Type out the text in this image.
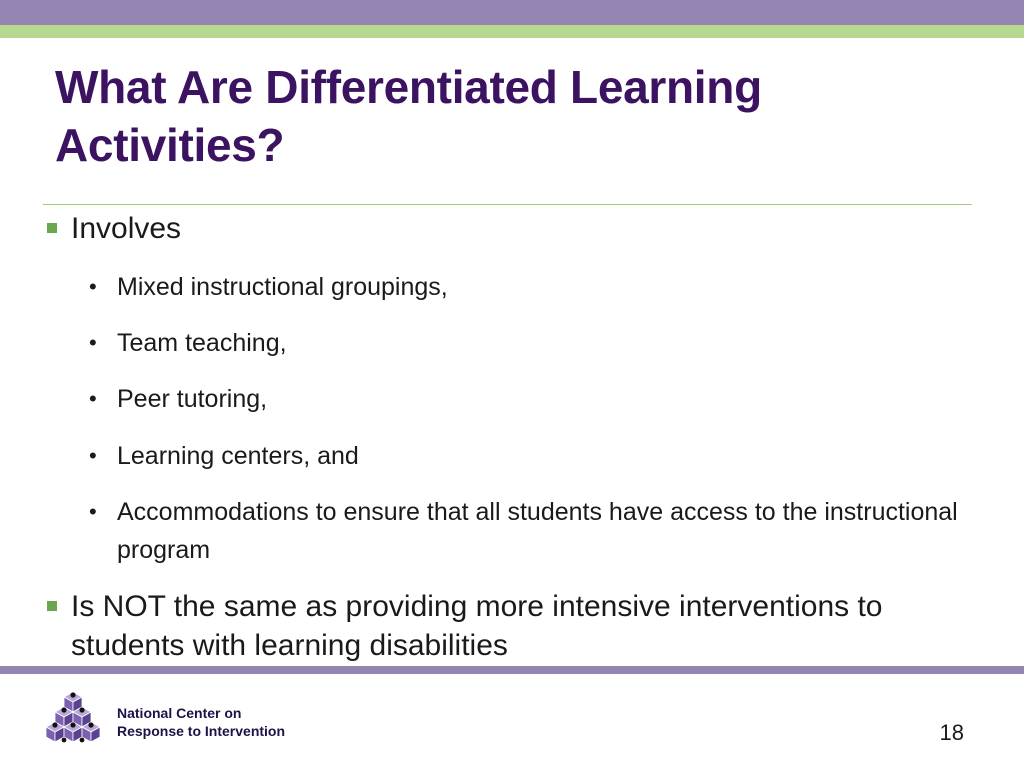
What Are Differentiated Learning Activities?
Involves
• Mixed instructional groupings,
• Team teaching,
• Peer tutoring,
• Learning centers, and
• Accommodations to ensure that all students have access to the instructional program
Is NOT the same as providing more intensive interventions to students with learning disabilities
National Center on
Response to Intervention	18
